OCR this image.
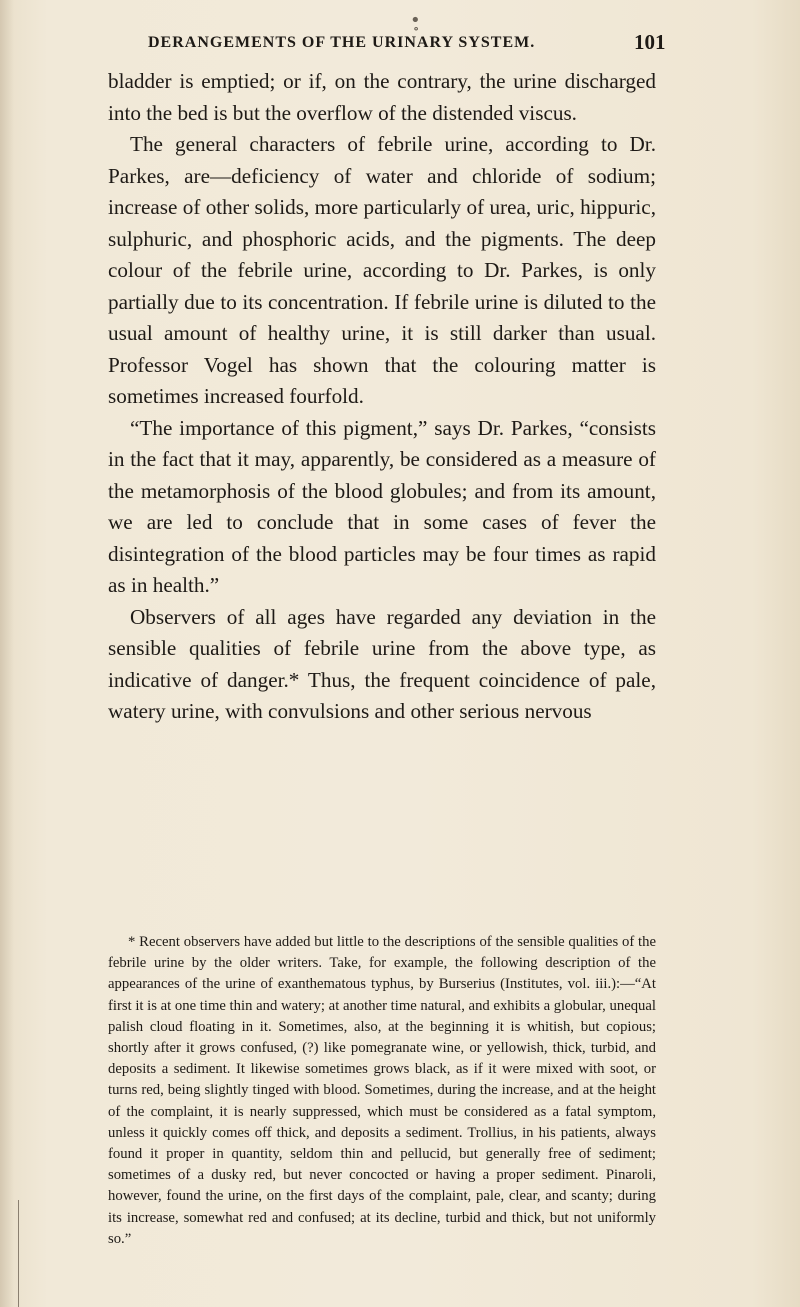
•̥
DERANGEMENTS OF THE URINARY SYSTEM.	101

bladder is emptied; or if, on the contrary, the urine discharged into the bed is but the overflow of the distended viscus.

The general characters of febrile urine, according to Dr. Parkes, are—deficiency of water and chloride of sodium; increase of other solids, more particularly of urea, uric, hippuric, sulphuric, and phosphoric acids, and the pigments. The deep colour of the febrile urine, according to Dr. Parkes, is only partially due to its concentration. If febrile urine is diluted to the usual amount of healthy urine, it is still darker than usual. Professor Vogel has shown that the colouring matter is sometimes increased fourfold.

“The importance of this pigment,” says Dr. Parkes, “consists in the fact that it may, apparently, be considered as a measure of the metamorphosis of the blood globules; and from its amount, we are led to conclude that in some cases of fever the disintegration of the blood particles may be four times as rapid as in health.”

Observers of all ages have regarded any deviation in the sensible qualities of febrile urine from the above type, as indicative of danger.* Thus, the frequent coincidence of pale, watery urine, with convulsions and other serious nervous

* Recent observers have added but little to the descriptions of the sensible qualities of the febrile urine by the older writers. Take, for example, the following description of the appearances of the urine of exanthematous typhus, by Burserius (Institutes, vol. iii.):—“At first it is at one time thin and watery; at another time natural, and exhibits a globular, unequal palish cloud floating in it. Sometimes, also, at the beginning it is whitish, but copious; shortly after it grows confused, (?) like pomegranate wine, or yellowish, thick, turbid, and deposits a sediment. It likewise sometimes grows black, as if it were mixed with soot, or turns red, being slightly tinged with blood. Sometimes, during the increase, and at the height of the complaint, it is nearly suppressed, which must be considered as a fatal symptom, unless it quickly comes off thick, and deposits a sediment. Trollius, in his patients, always found it proper in quantity, seldom thin and pellucid, but generally free of sediment; sometimes of a dusky red, but never concocted or having a proper sediment. Pinaroli, however, found the urine, on the first days of the complaint, pale, clear, and scanty; during its increase, somewhat red and confused; at its decline, turbid and thick, but not uniformly so.”
